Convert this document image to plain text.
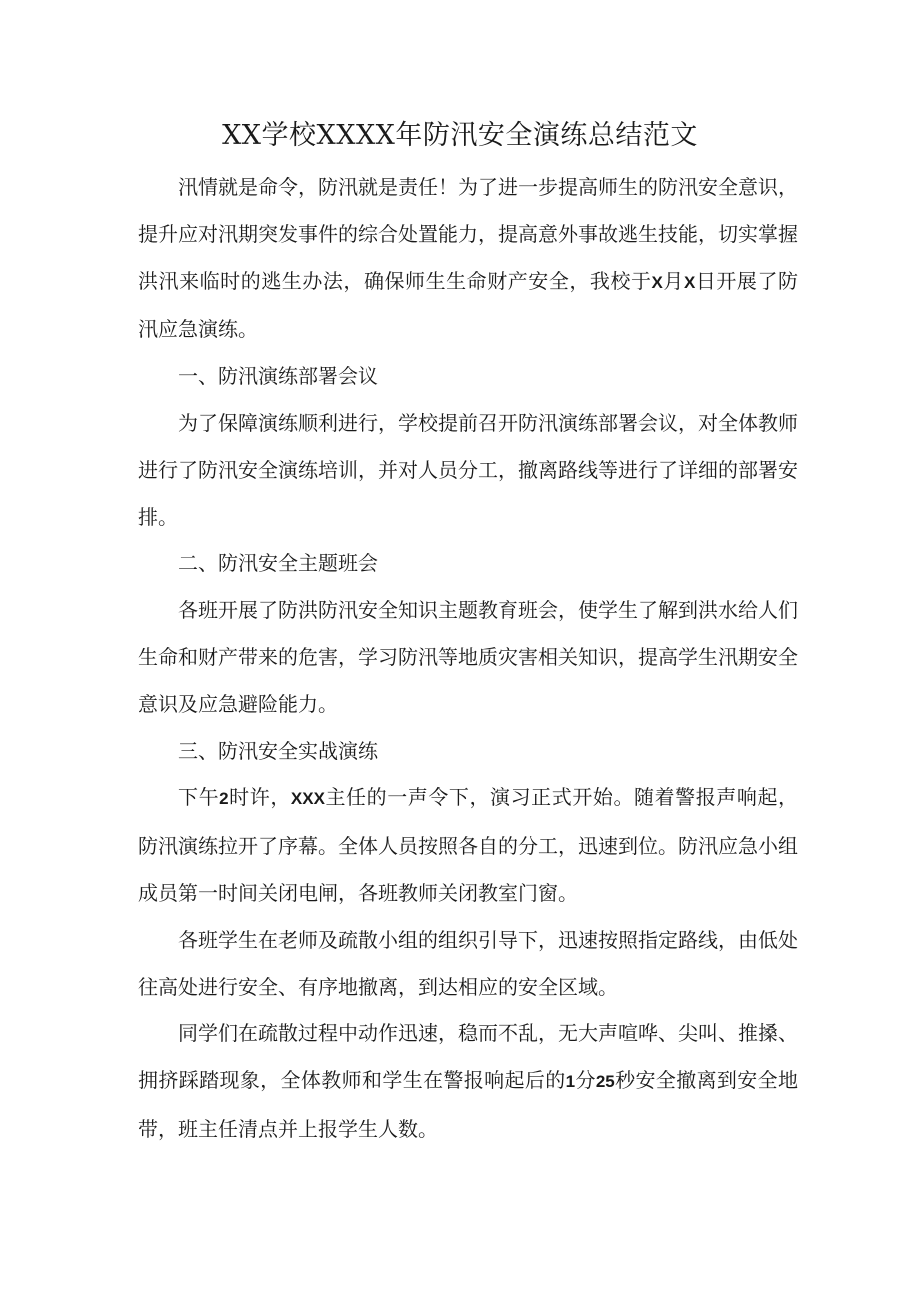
XX学校XXXX年防汛安全演练总结范文

汛情就是命令，防汛就是责任！为了进一步提高师生的防汛安全意识，提升应对汛期突发事件的综合处置能力，提高意外事故逃生技能，切实掌握洪汛来临时的逃生办法，确保师生生命财产安全，我校于X月X日开展了防汛应急演练。

一、防汛演练部署会议

为了保障演练顺利进行，学校提前召开防汛演练部署会议，对全体教师进行了防汛安全演练培训，并对人员分工，撤离路线等进行了详细的部署安排。

二、防汛安全主题班会

各班开展了防洪防汛安全知识主题教育班会，使学生了解到洪水给人们生命和财产带来的危害，学习防汛等地质灾害相关知识，提高学生汛期安全意识及应急避险能力。

三、防汛安全实战演练

下午2时许，XXX主任的一声令下，演习正式开始。随着警报声响起，防汛演练拉开了序幕。全体人员按照各自的分工，迅速到位。防汛应急小组成员第一时间关闭电闸，各班教师关闭教室门窗。

各班学生在老师及疏散小组的组织引导下，迅速按照指定路线，由低处往高处进行安全、有序地撤离，到达相应的安全区域。

同学们在疏散过程中动作迅速，稳而不乱，无大声喧哗、尖叫、推搡、拥挤踩踏现象，全体教师和学生在警报响起后的1分25秒安全撤离到安全地带，班主任清点并上报学生人数。
